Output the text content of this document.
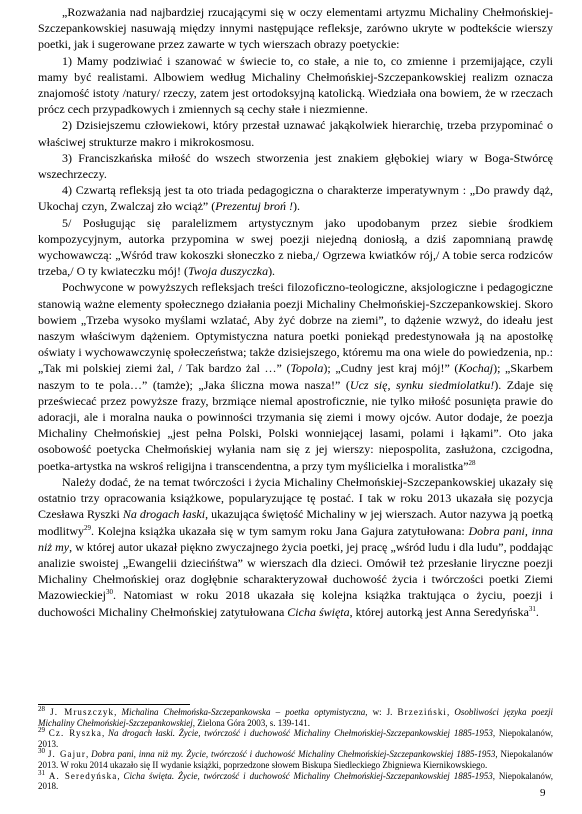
„Rozważania nad najbardziej rzucającymi się w oczy elementami artyzmu Michaliny Chełmońskiej-Szczepankowskiej nasuwają między innymi następujące refleksje, zarówno ukryte w podtekście wierszy poetki, jak i sugerowane przez zawarte w tych wierszach obrazy poetyckie:

1) Mamy podziwiać i szanować w świecie to, co stałe, a nie to, co zmienne i przemijające, czyli mamy być realistami. Albowiem według Michaliny Chełmońskiej-Szczepankowskiej realizm oznacza znajomość istoty /natury/ rzeczy, zatem jest ortodoksyjną katolicką. Wiedziała ona bowiem, że w rzeczach prócz cech przypadkowych i zmiennych są cechy stałe i niezmienne.

2) Dzisiejszemu człowiekowi, który przestał uznawać jakąkolwiek hierarchię, trzeba przypominać o właściwej strukturze makro i mikrokosmosu.

3) Franciszkańska miłość do wszech stworzenia jest znakiem głębokiej wiary w Boga-Stwórcę wszechrzeczy.

4) Czwartą refleksją jest ta oto triada pedagogiczna o charakterze imperatywnym : „Do prawdy dąż, Ukochaj czyn, Zwalczaj zło wciąż” (Prezentuj broń !).

5/ Posługując się paralelizmem artystycznym jako upodobanym przez siebie środkiem kompozycyjnym, autorka przypomina w swej poezji niejedną doniosłą, a dziś zapomnianą prawdę wychowawczą: „Wśród traw kokoszki słoneczko z nieba,/ Ogrzewa kwiatków rój,/ A tobie serca rodziców trzeba,/ O ty kwiateczku mój! (Twoja duszyczka).

Pochwycone w powyższych refleksjach treści filozoficzno-teologiczne, aksjologiczne i pedagogiczne stanowią ważne elementy społecznego działania poezji Michaliny Chełmońskiej-Szczepankowskiej. Skoro bowiem „Trzeba wysoko myślami wzlatać, Aby żyć dobrze na ziemi”, to dążenie wzwyż, do ideału jest naszym właściwym dążeniem. Optymistyczna natura poetki poniekąd predestynowała ją na apostołkę oświaty i wychowawczynię społeczeństwa; także dzisiejszego, któremu ma ona wiele do powiedzenia, np.: „Tak mi polskiej ziemi żal, / Tak bardzo żal …” (Topola); „Cudny jest kraj mój!” (Kochaj); „Skarbem naszym to te pola…” (tamże); „Jaka śliczna mowa nasza!” (Ucz się, synku siedmiolatku!). Zdaje się przeświecać przez powyższe frazy, brzmiące niemal apostroficznie, nie tylko miłość posunięta prawie do adoracji, ale i moralna nauka o powinności trzymania się ziemi i mowy ojców. Autor dodaje, że poezja Michaliny Chełmońskiej „jest pełna Polski, Polski wonniejącej lasami, polami i łąkami”. Oto jaka osobowość poetycka Chełmońskiej wyłania nam się z jej wierszy: niepospolita, zasłużona, czcigodna, poetka-artystka na wskroś religijna i transcendentna, a przy tym myślicielka i moralistka”$^{28}$

Należy dodać, że na temat twórczości i życia Michaliny Chełmońskiej-Szczepankowskiej ukazały się ostatnio trzy opracowania książkowe, popularyzujące tę postać. I tak w roku 2013 ukazała się pozycja Czesława Ryszki Na drogach łaski, ukazująca świętość Michaliny w jej wierszach. Autor nazywa ją poetką modlitwy$^{29}$. Kolejna książka ukazała się w tym samym roku Jana Gajura zatytułowana: Dobra pani, inna niż my, w której autor ukazał piękno zwyczajnego życia poetki, jej pracę „wśród ludu i dla ludu”, poddając analizie swoistej „Ewangelii dziecińśtwa” w wierszach dla dzieci. Omówił też przesłanie liryczne poezji Michaliny Chełmońskiej oraz dogłębnie scharakteryzował duchowość życia i twórczości poetki Ziemi Mazowieckiej$^{30}$. Natomiast w roku 2018 ukazała się kolejna książka traktująca o życiu, poezji i duchowości Michaliny Chełmońskiej zatytułowana Cicha święta, której autorką jest Anna Seredyńska$^{31}$.

$^{28}$ J. Mruszczyk, Michalina Chełmońska-Szczepankowska – poetka optymistyczna, w: J. Brzeziński, Osobliwości języka poezji Michaliny Chełmońskiej-Szczepankowskiej, Zielona Góra 2003, s. 139-141.

$^{29}$ Cz. Ryszka, Na drogach łaski. Życie, twórczość i duchowość Michaliny Chełmońskiej-Szczepankowskiej 1885-1953, Niepokalanów, 2013.

$^{30}$ J. Gajur, Dobra pani, inna niż my. Życie, twórczość i duchowość Michaliny Chełmońskiej-Szczepankowskiej 1885-1953, Niepokalanów 2013. W roku 2014 ukazało się II wydanie książki, poprzedzone słowem Biskupa Siedleckiego Zbigniewa Kiernikowskiego.

$^{31}$ A. Seredyńska, Cicha święta. Życie, twórczość i duchowość Michaliny Chełmońskiej-Szczepankowskiej 1885-1953, Niepokalanów, 2018.

9
